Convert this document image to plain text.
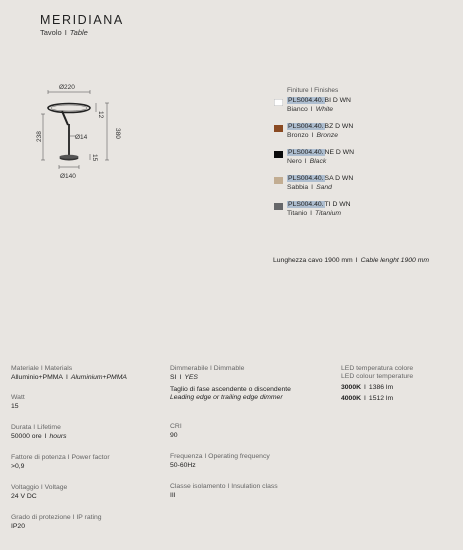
MERIDIANA
Tavolo I Table
Ø220
12
Ø14
238	380
15
Ø140
Finiture I Finishes
PLS004.40.BI D WN
Bianco I White
PLS004.40.BZ D WN
Bronzo I Bronze
PLS004.40.NE D WN
Nero I Black
PLS004.40.SA D WN
Sabbia I Sand
PLS004.40.TI D WN
Titanio I Titanium
Lunghezza cavo 1900 mm I Cable lenght 1900 mm
Materiale I Materials
Alluminio+PMMA I Aluminium+PMMA
Watt
15
Durata I Lifetime
50000 ore I hours
Fattore di potenza I Power factor
>0,9
Voltaggio I Voltage
24 V DC
Grado di protezione I IP rating
IP20
Dimmerabile I Dimmable
SI I YES
Taglio di fase ascendente o discendente
Leading edge or trailing edge dimmer
CRI
90
Frequenza I Operating frequency
50-60Hz
Classe isolamento I Insulation class
III
LED temperatura colore
LED colour temperature
3000K I 1386 lm
4000K I 1512 lm
